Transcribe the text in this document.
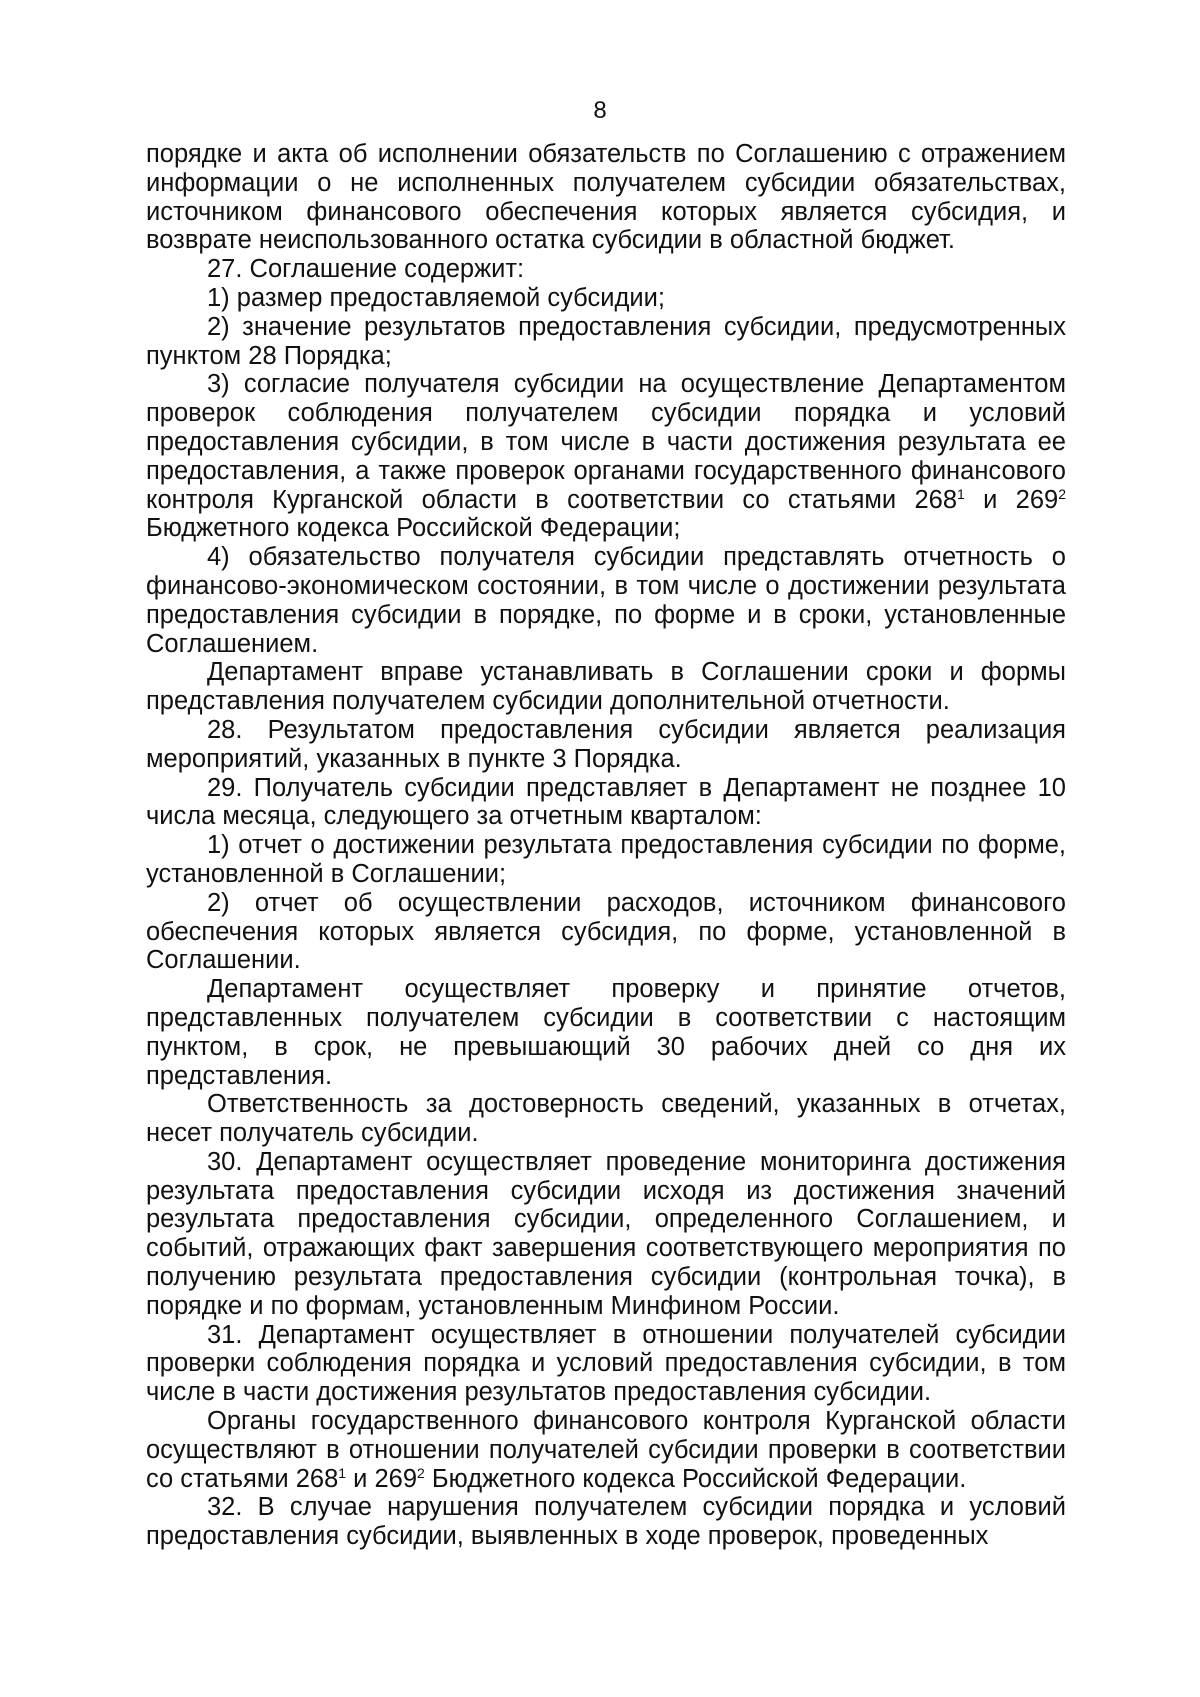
8

порядке и акта об исполнении обязательств по Соглашению с отражением информации о не исполненных получателем субсидии обязательствах, источником финансового обеспечения которых является субсидия, и возврате неиспользованного остатка субсидии в областной бюджет.

27. Соглашение содержит:

1) размер предоставляемой субсидии;

2) значение результатов предоставления субсидии, предусмотренных пунктом 28 Порядка;

3) согласие получателя субсидии на осуществление Департаментом проверок соблюдения получателем субсидии порядка и условий предоставления субсидии, в том числе в части достижения результата ее предоставления, а также проверок органами государственного финансового контроля Курганской области в соответствии со статьями $268^1$ и $269^2$ Бюджетного кодекса Российской Федерации;

4) обязательство получателя субсидии представлять отчетность о финансово-экономическом состоянии, в том числе о достижении результата предоставления субсидии в порядке, по форме и в сроки, установленные Соглашением.

Департамент вправе устанавливать в Соглашении сроки и формы представления получателем субсидии дополнительной отчетности.

28. Результатом предоставления субсидии является реализация мероприятий, указанных в пункте 3 Порядка.

29. Получатель субсидии представляет в Департамент не позднее 10 числа месяца, следующего за отчетным кварталом:

1) отчет о достижении результата предоставления субсидии по форме, установленной в Соглашении;

2) отчет об осуществлении расходов, источником финансового обеспечения которых является субсидия, по форме, установленной в Соглашении.

Департамент осуществляет проверку и принятие отчетов, представленных получателем субсидии в соответствии с настоящим пунктом, в срок, не превышающий 30 рабочих дней со дня их представления.

Ответственность за достоверность сведений, указанных в отчетах, несет получатель субсидии.

30. Департамент осуществляет проведение мониторинга достижения результата предоставления субсидии исходя из достижения значений результата предоставления субсидии, определенного Соглашением, и событий, отражающих факт завершения соответствующего мероприятия по получению результата предоставления субсидии (контрольная точка), в порядке и по формам, установленным Минфином России.

31. Департамент осуществляет в отношении получателей субсидии проверки соблюдения порядка и условий предоставления субсидии, в том числе в части достижения результатов предоставления субсидии.

Органы государственного финансового контроля Курганской области осуществляют в отношении получателей субсидии проверки в соответствии со статьями $268^1$ и $269^2$ Бюджетного кодекса Российской Федерации.

32. В случае нарушения получателем субсидии порядка и условий предоставления субсидии, выявленных в ходе проверок, проведенных
